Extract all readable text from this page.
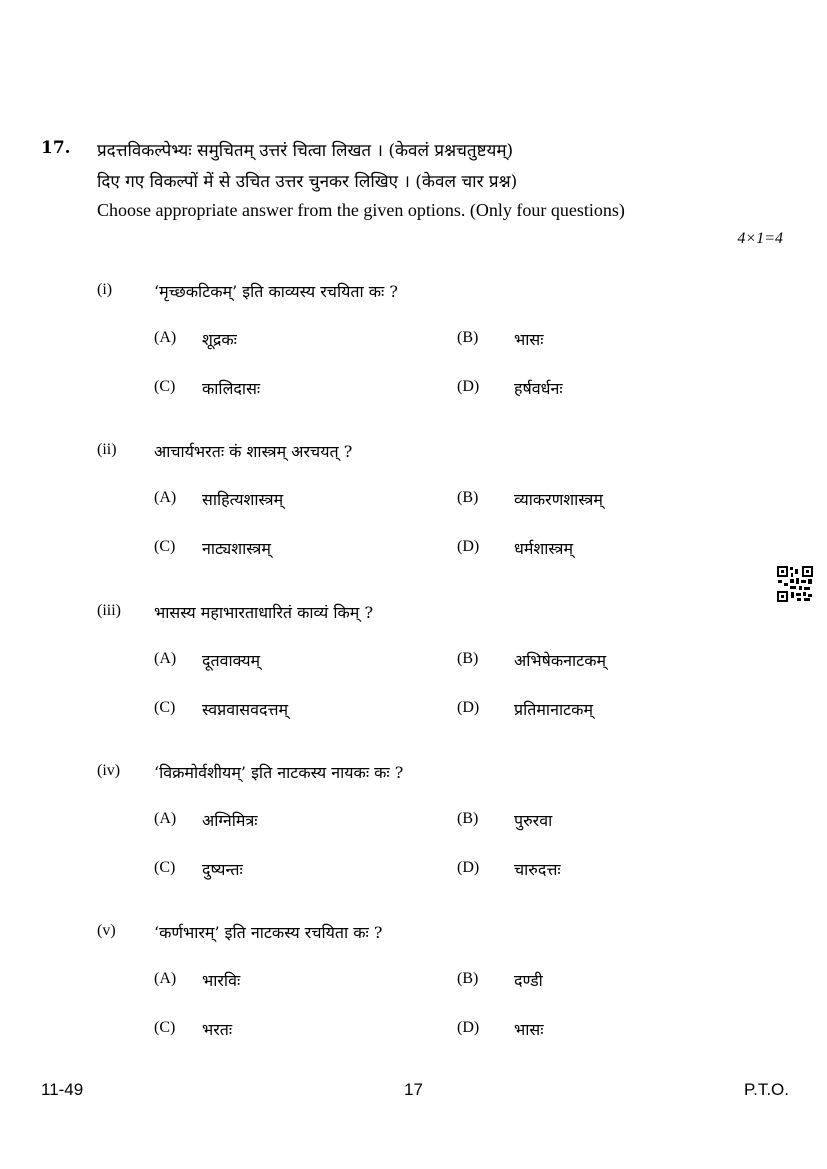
17. प्रदत्तविकल्पेभ्यः समुचितम् उत्तरं चित्वा लिखत । (केवलं प्रश्नचतुष्टयम्)
दिए गए विकल्पों में से उचित उत्तर चुनकर लिखिए । (केवल चार प्रश्न)
Choose appropriate answer from the given options. (Only four questions)
4×1=4
(i)	‘मृच्छकटिकम्’ इति काव्यस्य रचयिता कः ?
(A) शूद्रकः	(B) भासः
(C) कालिदासः	(D) हर्षवर्धनः
(ii) आचार्यभरतः कं शास्त्रम् अरचयत् ?
(A) साहित्यशास्त्रम्	(B) व्याकरणशास्त्रम्
(C) नाट्यशास्त्रम्	(D) धर्मशास्त्रम्
(iii) भासस्य महाभारताधारितं काव्यं किम् ?
(A) दूतवाक्यम्	(B) अभिषेकनाटकम्
(C) स्वप्नवासवदत्तम्	(D) प्रतिमानाटकम्
(iv) ‘विक्रमोर्वशीयम्’ इति नाटकस्य नायकः कः ?
(A) अग्निमित्रः	(B) पुरुरवा
(C) दुष्यन्तः	(D) चारुदत्तः
(v) ‘कर्णभारम्’ इति नाटकस्य रचयिता कः ?
(A) भारविः	(B) दण्डी
(C) भरतः	(D) भासः
11-49	17	P.T.O.
